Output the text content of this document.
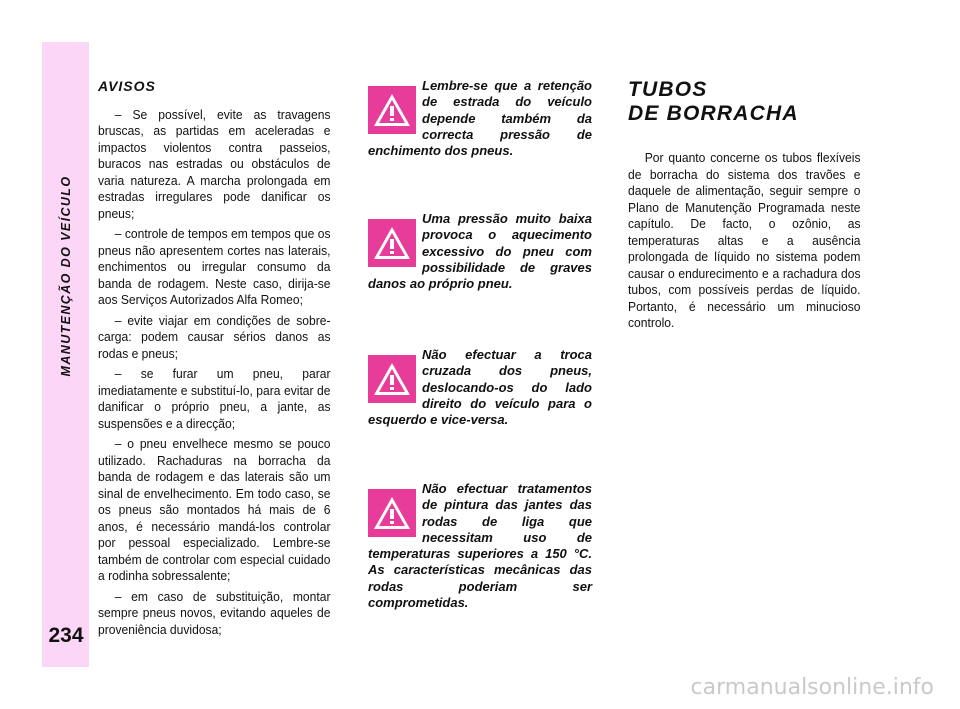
MANUTENÇÃO DO VEÍCULO
234
AVISOS

– Se possível, evite as travagens bruscas, as partidas em aceleradas e impactos violentos contra passeios, buracos nas estradas ou obstáculos de varia natureza. A marcha prolongada em estradas irregulares pode danificar os pneus;

– controle de tempos em tempos que os pneus não apresentem cortes nas laterais, enchimentos ou irregular consumo da banda de rodagem. Neste caso, dirija-se aos Serviços Autorizados Alfa Romeo;

– evite viajar em condições de sobre-carga: podem causar sérios danos as rodas e pneus;

– se furar um pneu, parar imediatamente e substituí-lo, para evitar de danificar o próprio pneu, a jante, as suspensões e a direcção;

– o pneu envelhece mesmo se pouco utilizado. Rachaduras na borracha da banda de rodagem e das laterais são um sinal de envelhecimento. Em todo caso, se os pneus são montados há mais de 6 anos, é necessário mandá-los controlar por pessoal especializado. Lembre-se também de controlar com especial cuidado a rodinha sobressalente;

– em caso de substituição, montar sempre pneus novos, evitando aqueles de proveniência duvidosa;

Lembre-se que a retenção de estrada do veículo depende também da correcta pressão de enchimento dos pneus.
Uma pressão muito baixa provoca o aquecimento excessivo do pneu com possibilidade de graves danos ao próprio pneu.
Não efectuar a troca cruzada dos pneus, deslocando-os do lado direito do veículo para o esquerdo e vice-versa.
Não efectuar tratamentos de pintura das jantes das rodas de liga que necessitam uso de temperaturas superiores a 150 °C. As características mecânicas das rodas poderiam ser comprometidas.
TUBOS
DE BORRACHA

Por quanto concerne os tubos flexíveis de borracha do sistema dos travões e daquele de alimentação, seguir sempre o Plano de Manutenção Programada neste capítulo. De facto, o ozônio, as temperaturas altas e a ausência prolongada de líquido no sistema podem causar o endurecimento e a rachadura dos tubos, com possíveis perdas de líquido. Portanto, é necessário um minucioso controlo.

carmanualsonline.info
